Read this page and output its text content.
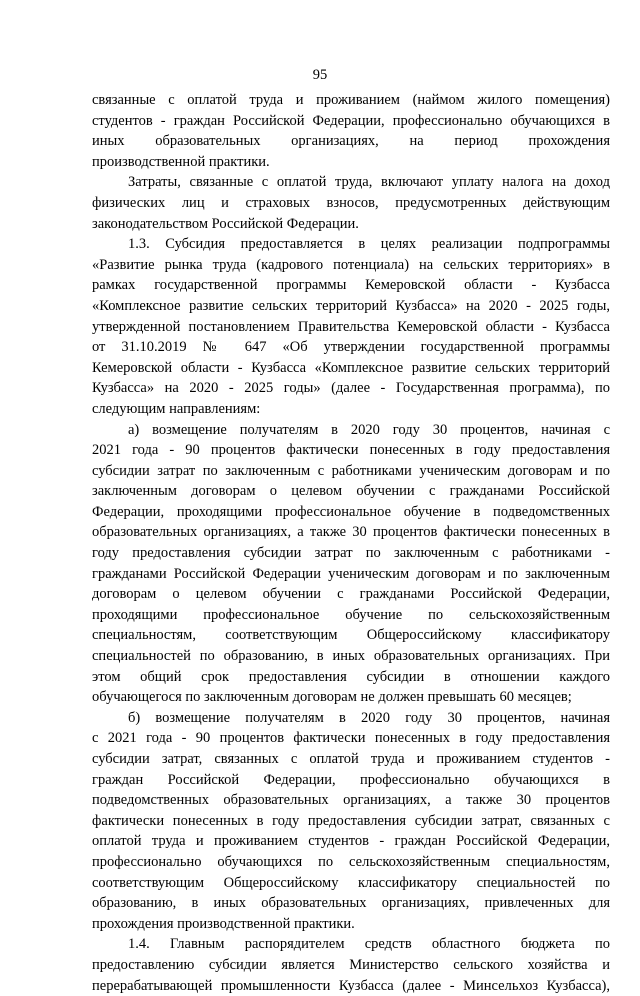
95
связанные с оплатой труда и проживанием (наймом жилого помещения)
студентов - граждан Российской Федерации, профессионально обучающихся в
иных образовательных организациях, на период прохождения
производственной практики.
Затраты, связанные с оплатой труда, включают уплату налога на доход
физических лиц и страховых взносов, предусмотренных действующим
законодательством Российской Федерации.
1.3. Субсидия предоставляется в целях реализации подпрограммы
«Развитие рынка труда (кадрового потенциала) на сельских территориях» в
рамках государственной программы Кемеровской области - Кузбасса
«Комплексное развитие сельских территорий Кузбасса» на 2020 - 2025 годы,
утвержденной постановлением Правительства Кемеровской области - Кузбасса
от 31.10.2019 № 647 «Об утверждении государственной программы
Кемеровской области - Кузбасса «Комплексное развитие сельских территорий
Кузбасса» на 2020 - 2025 годы» (далее - Государственная программа), по
следующим направлениям:
а) возмещение получателям в 2020 году 30 процентов, начиная с
2021 года - 90 процентов фактически понесенных в году предоставления
субсидии затрат по заключенным с работниками ученическим договорам и по
заключенным договорам о целевом обучении с гражданами Российской
Федерации, проходящими профессиональное обучение в подведомственных
образовательных организациях, а также 30 процентов фактически понесенных в
году предоставления субсидии затрат по заключенным с работниками -
гражданами Российской Федерации ученическим договорам и по заключенным
договорам о целевом обучении с гражданами Российской Федерации,
проходящими профессиональное обучение по сельскохозяйственным
специальностям, соответствующим Общероссийскому классификатору
специальностей по образованию, в иных образовательных организациях. При
этом общий срок предоставления субсидии в отношении каждого
обучающегося по заключенным договорам не должен превышать 60 месяцев;
б) возмещение получателям в 2020 году 30 процентов, начиная
с 2021 года - 90 процентов фактически понесенных в году предоставления
субсидии затрат, связанных с оплатой труда и проживанием студентов -
граждан Российской Федерации, профессионально обучающихся в
подведомственных образовательных организациях, а также 30 процентов
фактически понесенных в году предоставления субсидии затрат, связанных с
оплатой труда и проживанием студентов - граждан Российской Федерации,
профессионально обучающихся по сельскохозяйственным специальностям,
соответствующим Общероссийскому классификатору специальностей по
образованию, в иных образовательных организациях, привлеченных для
прохождения производственной практики.
1.4. Главным распорядителем средств областного бюджета по
предоставлению субсидии является Министерство сельского хозяйства и
перерабатывающей промышленности Кузбасса (далее - Минсельхоз Кузбасса),
